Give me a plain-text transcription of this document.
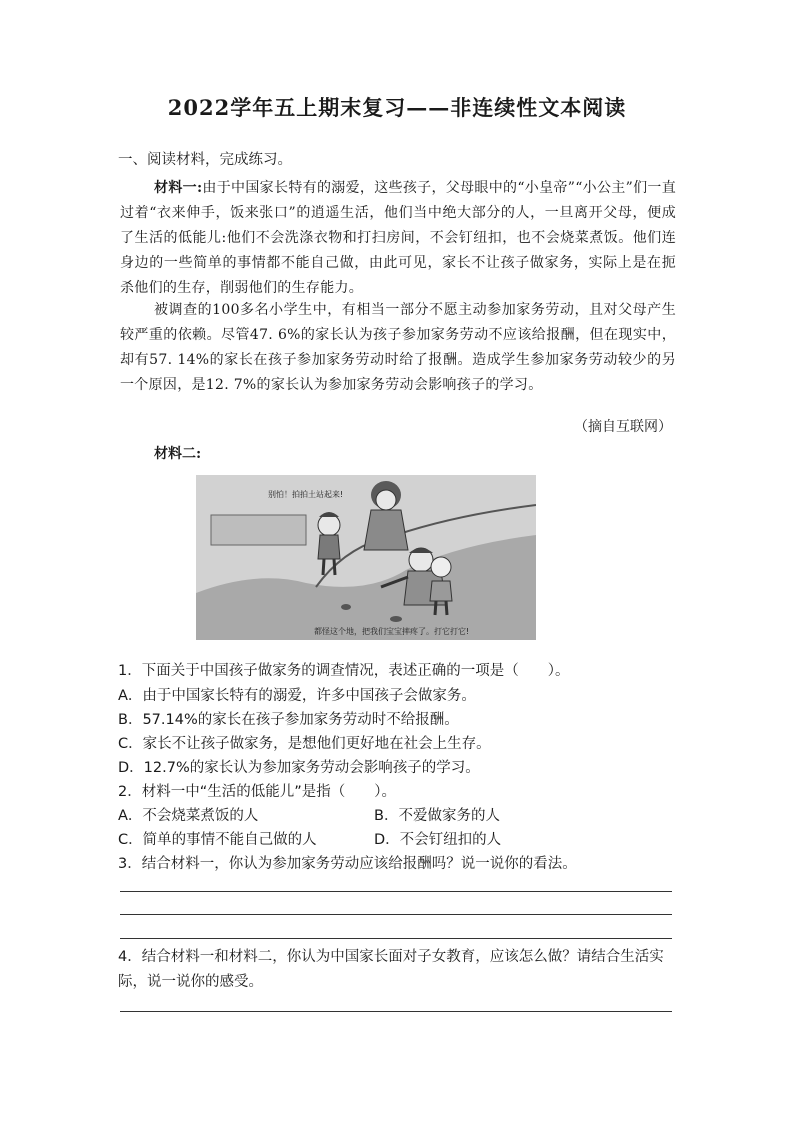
2022学年五上期末复习——非连续性文本阅读
一、阅读材料，完成练习。
材料一:由于中国家长特有的溺爱，这些孩子，父母眼中的“小皇帝”“小公主”们一直过着“衣来伸手，饭来张口”的逍遥生活，他们当中绝大部分的人，一旦离开父母，便成了生活的低能儿:他们不会洗涤衣物和打扫房间，不会钉纽扣，也不会烧菜煮饭。他们连身边的一些简单的事情都不能自己做，由此可见，家长不让孩子做家务，实际上是在扼杀他们的生存，削弱他们的生存能力。
被调查的100多名小学生中，有相当一部分不愿主动参加家务劳动，且对父母产生较严重的依赖。尽管47. 6%的家长认为孩子参加家务劳动不应该给报酬，但在现实中，却有57. 14%的家长在孩子参加家务劳动时给了报酬。造成学生参加家务劳动较少的另一个原因，是12. 7%的家长认为参加家务劳动会影响孩子的学习。
（摘自互联网）
材料二:
别怕！拍拍土站起来!
都怪这个地，把我们宝宝摔疼了。打它打它!
1．下面关于中国孩子做家务的调查情况，表述正确的一项是（　　）。
A．由于中国家长特有的溺爱，许多中国孩子会做家务。
B．57.14%的家长在孩子参加家务劳动时不给报酬。
C．家长不让孩子做家务，是想他们更好地在社会上生存。
D．12.7%的家长认为参加家务劳动会影响孩子的学习。
2．材料一中“生活的低能儿”是指（　　）。
A．不会烧菜煮饭的人	B．不爱做家务的人
C．简单的事情不能自己做的人	D．不会钉纽扣的人
3．结合材料一，你认为参加家务劳动应该给报酬吗？说一说你的看法。
4．结合材料一和材料二，你认为中国家长面对子女教育，应该怎么做？请结合生活实际，说一说你的感受。
